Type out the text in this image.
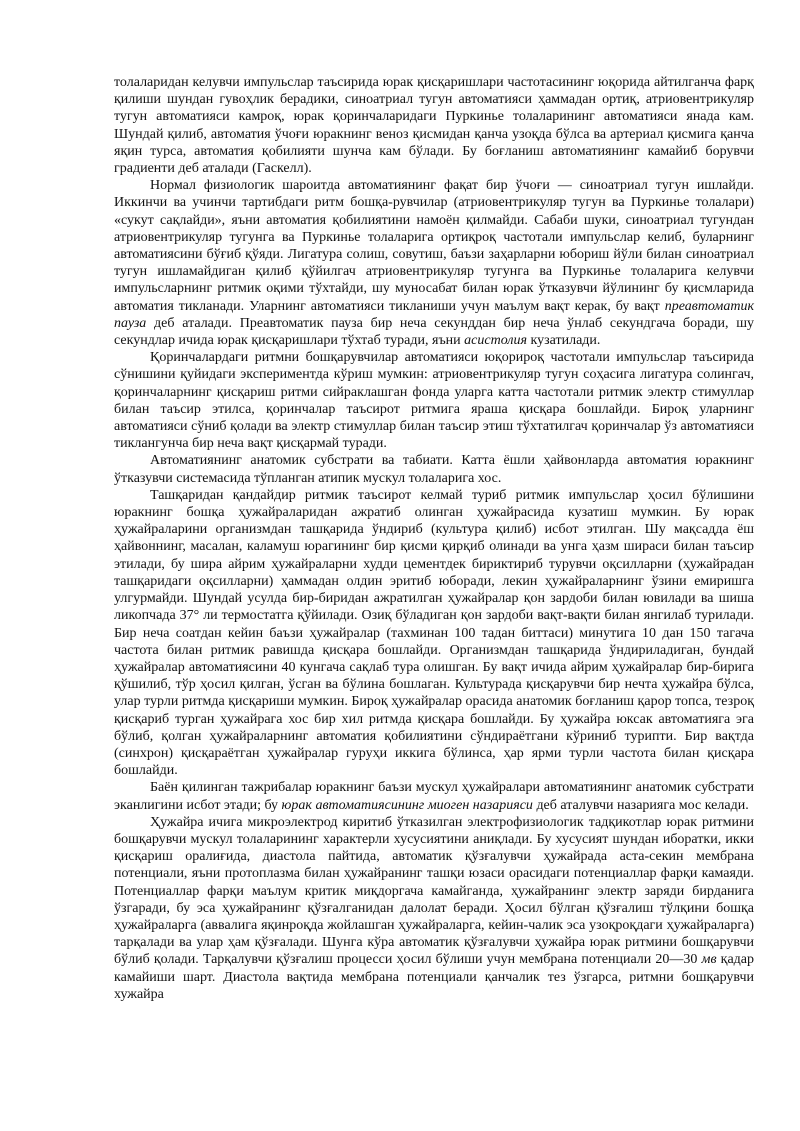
толаларидан келувчи импульслар таъсирида юрак қисқаришлари частотасининг юқорида айтилганча фарқ қилиши шундан гувоҳлик берадики, синоатриал тугун автоматияси ҳаммадан ортиқ, атриовентрикуляр тугун автоматияси камроқ, юрак қоринчаларидаги Пуркинье толаларининг автоматияси янада кам. Шундай қилиб, автоматия ўчоғи юракнинг веноз қисмидан қанча узоқда бўлса ва артериал қисмига қанча яқин турса, автоматия қобилияти шунча кам бўлади. Бу боғланиш автоматиянинг камайиб борувчи градиенти деб аталади (Гаскелл).

Нормал физиологик шароитда автоматиянинг фақат бир ўчоғи — синоатриал тугун ишлайди. Иккинчи ва учинчи тартибдаги ритм бошқа-рувчилар (атриовентрикуляр тугун ва Пуркинье толалари) «сукут сақлайди», яъни автоматия қобилиятини намоён қилмайди. Сабаби шуки, синоатриал тугундан атриовентрикуляр тугунга ва Пуркинье толаларига ортиқроқ частотали импульслар келиб, буларнинг автоматиясини бўғиб қўяди. Лигатура солиш, совутиш, баъзи заҳарларни юбориш йўли билан синоатриал тугун ишламайдиган қилиб қўйилгач атриовентрикуляр тугунга ва Пуркинье толаларига келувчи импульсларнинг ритмик оқими тўхтайди, шу муносабат билан юрак ўтказувчи йўлининг бу қисмларида автоматия тикланади. Уларнинг автоматияси тикланиши учун маълум вақт керак, бу вақт преавтоматик пауза деб аталади. Преавтоматик пауза бир неча секунддан бир неча ўнлаб секундгача боради, шу секундлар ичида юрак қисқаришлари тўхтаб туради, яъни асистолия кузатилади.

Қоринчалардаги ритмни бошқарувчилар автоматияси юқорироқ частотали импульслар таъсирида сўнишини қуйидаги экспериментда кўриш мумкин: атриовентрикуляр тугун соҳасига лигатура солингач, қоринчаларнинг қисқариш ритми сийраклашган фонда уларга катта частотали ритмик электр стимуллар билан таъсир этилса, қоринчалар таъсирот ритмига яраша қисқара бошлайди. Бироқ уларнинг автоматияси сўниб қолади ва электр стимуллар билан таъсир этиш тўхтатилгач қоринчалар ўз автоматияси тиклангунча бир неча вақт қисқармай туради.

Автоматиянинг анатомик субстрати ва табиати. Катта ёшли ҳайвонларда автоматия юракнинг ўтказувчи системасида тўпланган атипик мускул толаларига хос.

Ташқаридан қандайдир ритмик таъсирот келмай туриб ритмик импульслар ҳосил бўлишини юракнинг бошқа ҳужайраларидан ажратиб олинган ҳужайрасида кузатиш мумкин. Бу юрак ҳужайраларини организмдан ташқарида ўндириб (культура қилиб) исбот этилган. Шу мақсадда ёш ҳайвоннинг, масалан, каламуш юрагининг бир қисми қирқиб олинади ва унга ҳазм шираси билан таъсир этилади, бу шира айрим ҳужайраларни худди цементдек бириктириб турувчи оқсилларни (ҳужайрадан ташқаридаги оқсилларни) ҳаммадан олдин эритиб юборади, лекин ҳужайраларнинг ўзини емиришга улгурмайди. Шундай усулда бир-биридан ажратилган ҳужайралар қон зардоби билан ювилади ва шиша ликопчада 37° ли термостатга қўйилади. Озиқ бўладиган қон зардоби вақт-вақти билан янгилаб турилади. Бир неча соатдан кейин баъзи ҳужайралар (тахминан 100 тадан биттаси) минутига 10 дан 150 тагача частота билан ритмик равишда қисқара бошлайди. Организмдан ташқарида ўндириладиган, бундай ҳужайралар автоматиясини 40 кунгача сақлаб тура олишган. Бу вақт ичида айрим ҳужайралар бир-бирига қўшилиб, тўр ҳосил қилган, ўсган ва бўлина бошлаган. Культурада қисқарувчи бир нечта ҳужайра бўлса, улар турли ритмда қисқариши мумкин. Бироқ ҳужайралар орасида анатомик боғланиш қарор топса, тезроқ қисқариб турган ҳужайрага хос бир хил ритмда қисқара бошлайди. Бу ҳужайра юксак автоматияга эга бўлиб, қолган ҳужайраларнинг автоматия қобилиятини сўндираётгани кўриниб турипти. Бир вақтда (синхрон) қисқараётган ҳужайралар гуруҳи иккига бўлинса, ҳар ярми турли частота билан қисқара бошлайди.

Баён қилинган тажрибалар юракнинг баъзи мускул ҳужайралари автоматиянинг анатомик субстрати эканлигини исбот этади; бу юрак автоматиясининг миоген назарияси деб аталувчи назарияга мос келади.

Ҳужайра ичига микроэлектрод киритиб ўтказилган электрофизиологик тадқикотлар юрак ритмини бошқарувчи мускул толаларининг характерли хусусиятини аниқлади. Бу хусусият шундан иборатки, икки қисқариш оралиғида, диастола пайтида, автоматик қўзғалувчи ҳужайрада аста-секин мембрана потенциали, яъни протоплазма билан ҳужайранинг ташқи юзаси орасидаги потенциаллар фарқи камаяди. Потенциаллар фарқи маълум критик миқдоргача камайганда, ҳужайранинг электр заряди бирданига ўзгаради, бу эса ҳужайранинг қўзғалганидан далолат беради. Ҳосил бўлган қўзғалиш тўлқини бошқа ҳужайраларга (аввалига яқинроқда жойлашган ҳужайраларга, кейин-чалик эса узоқроқдаги ҳужайраларга) тарқалади ва улар ҳам қўзғалади. Шунга кўра автоматик қўзғалувчи ҳужайра юрак ритмини бошқарувчи бўлиб қолади. Тарқалувчи қўзғалиш процесси ҳосил бўлиши учун мембрана потенциали 20—30 мв қадар камайиши шарт. Диастола вақтида мембрана потенциали қанчалик тез ўзгарса, ритмни бошқарувчи хужайра
